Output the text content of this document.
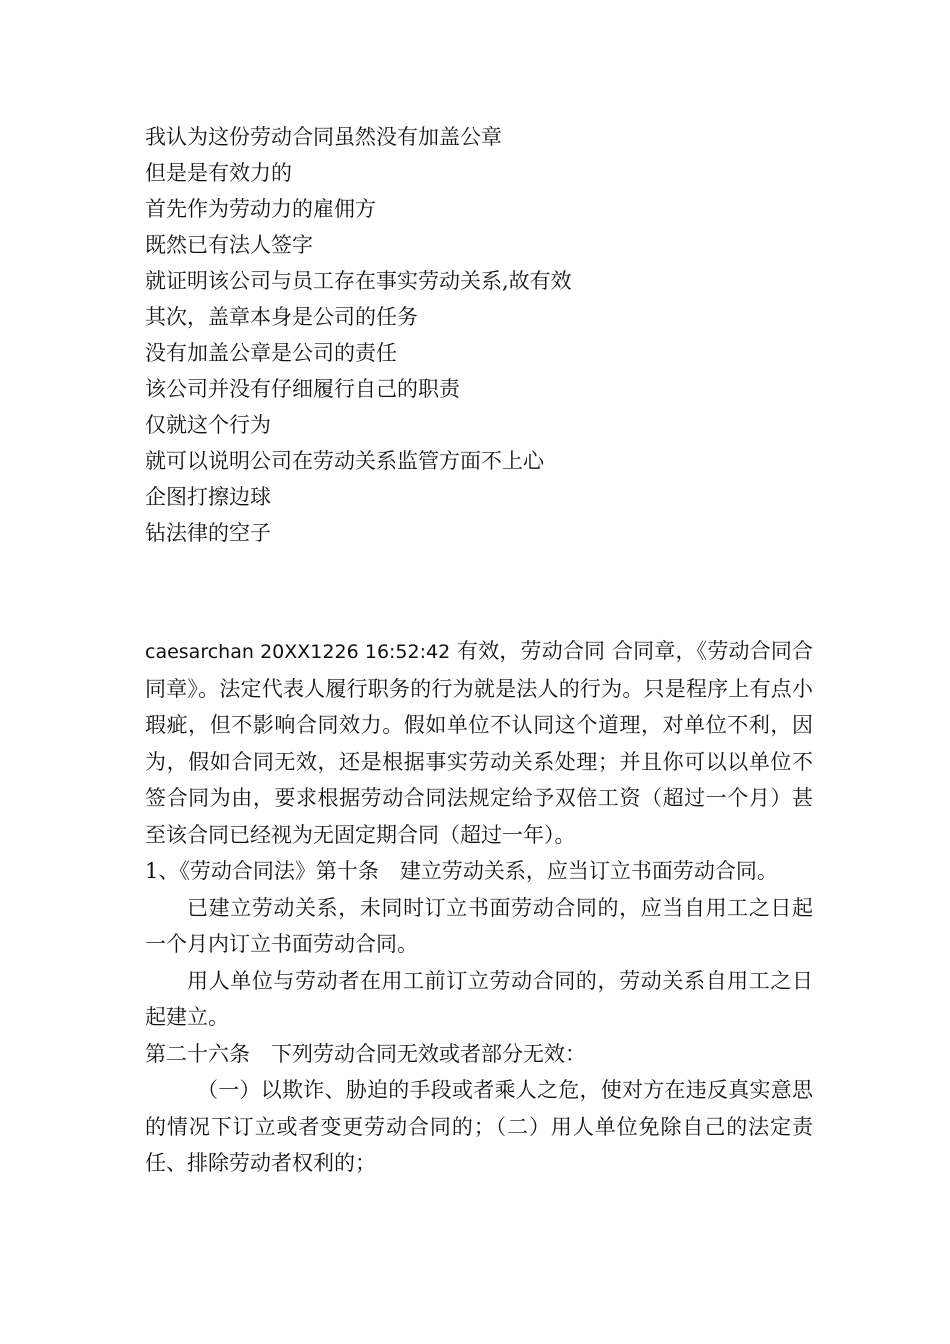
我认为这份劳动合同虽然没有加盖公章
但是是有效力的
首先作为劳动力的雇佣方
既然已有法人签字
就证明该公司与员工存在事实劳动关系,故有效
其次，盖章本身是公司的任务
没有加盖公章是公司的责任
该公司并没有仔细履行自己的职责
仅就这个行为
就可以说明公司在劳动关系监管方面不上心
企图打擦边球
钻法律的空子

caesarchan 20XX1226 16:52:42 有效，劳动合同 合同章，《劳动合同合同章》。法定代表人履行职务的行为就是法人的行为。只是程序上有点小瑕疵，但不影响合同效力。假如单位不认同这个道理，对单位不利，因为，假如合同无效，还是根据事实劳动关系处理；并且你可以以单位不签合同为由，要求根据劳动合同法规定给予双倍工资（超过一个月）甚至该合同已经视为无固定期合同（超过一年）。

1、《劳动合同法》第十条　建立劳动关系，应当订立书面劳动合同。

已建立劳动关系，未同时订立书面劳动合同的，应当自用工之日起一个月内订立书面劳动合同。

用人单位与劳动者在用工前订立劳动合同的，劳动关系自用工之日起建立。

第二十六条　下列劳动合同无效或者部分无效：

（一）以欺诈、胁迫的手段或者乘人之危，使对方在违反真实意思的情况下订立或者变更劳动合同的；（二）用人单位免除自己的法定责任、排除劳动者权利的；
